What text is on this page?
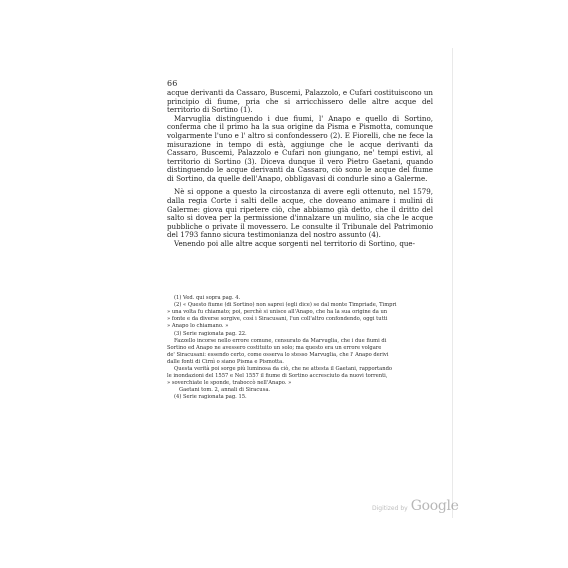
66

acque derivanti da Cassaro, Buscemi, Palazzolo, e Cufari costituiscono un principio di fiume, pria che si arricchissero delle altre acque del territorio di Sortino (1).

Marvuglia distinguendo i due fiumi, l' Anapo e quello di Sortino, conferma che il primo ha la sua origine da Pisma e Pismotta, comunque volgarmente l'uno e l' altro si confondessero (2). E Fiorelli, che ne fece la misurazione in tempo di està, aggiunge che le acque derivanti da Cassaro, Buscemi, Palazzolo e Cufari non giungano, ne' tempi estivi, al territorio di Sortino (3). Diceva dunque il vero Pietro Gaetani, quando distinguendo le acque derivanti da Cassaro, ciò sono le acque del fiume di Sortino, da quelle dell'Anapo, obbligavasi di condurle sino a Galerme.

Nè si oppone a questo la circostanza di avere egli ottenuto, nel 1579, dalla regia Corte i salti delle acque, che doveano animare i mulini di Galerme: giova qui ripetere ciò, che abbiamo già detto, che il dritto del salto si dovea per la permissione d'innalzare un mulino, sia che le acque pubbliche o private il movessero. Le consulte il Tribunale del Patrimonio del 1793 fanno sicura testimonianza del nostro assunto (4).

Venendo poi alle altre acque sorgenti nel territorio di Sortino, que-

(1) Ved. qui sopra pag. 4.

(2) « Questo fiume (di Sortino) non saprei (egli dice) se dal monte Timpriade, Timpri

» una volta fu chiamato; poi, perchè si unisce all'Anapo, che ha la sua origine da un

» fonte e da diverse sorgive, così i Siracusani, l'un coll'altro confondendo, oggi tutti

» Anapo lo chiamano. »

(3) Serie ragionata pag. 22.

Fazzello incorse nello errore comune, censurato da Marvuglia, che i due fiumi di

Sortino ed Anapo ne avessero costituito un solo; ma questo era un errore volgare

de' Siracusani: essendo certo, come osserva lo stesso Marvuglia, che l' Anapo derivi

dalle fonti di Cirnì o siano Pisma e Pismotta.

Questa verità poi sorge più luminosa da ciò, che ne attesta il Gaetani, rapportando

le inondazioni del 1557 e Nel 1557 il fiume di Sortino accresciuto da nuovi torrenti,

» soverchiate le sponde, traboccò nell'Anapo. »

Gaetani tom. 2, annali di Siracusa.

(4) Serie ragionata pag. 15.

Digitized by Google
